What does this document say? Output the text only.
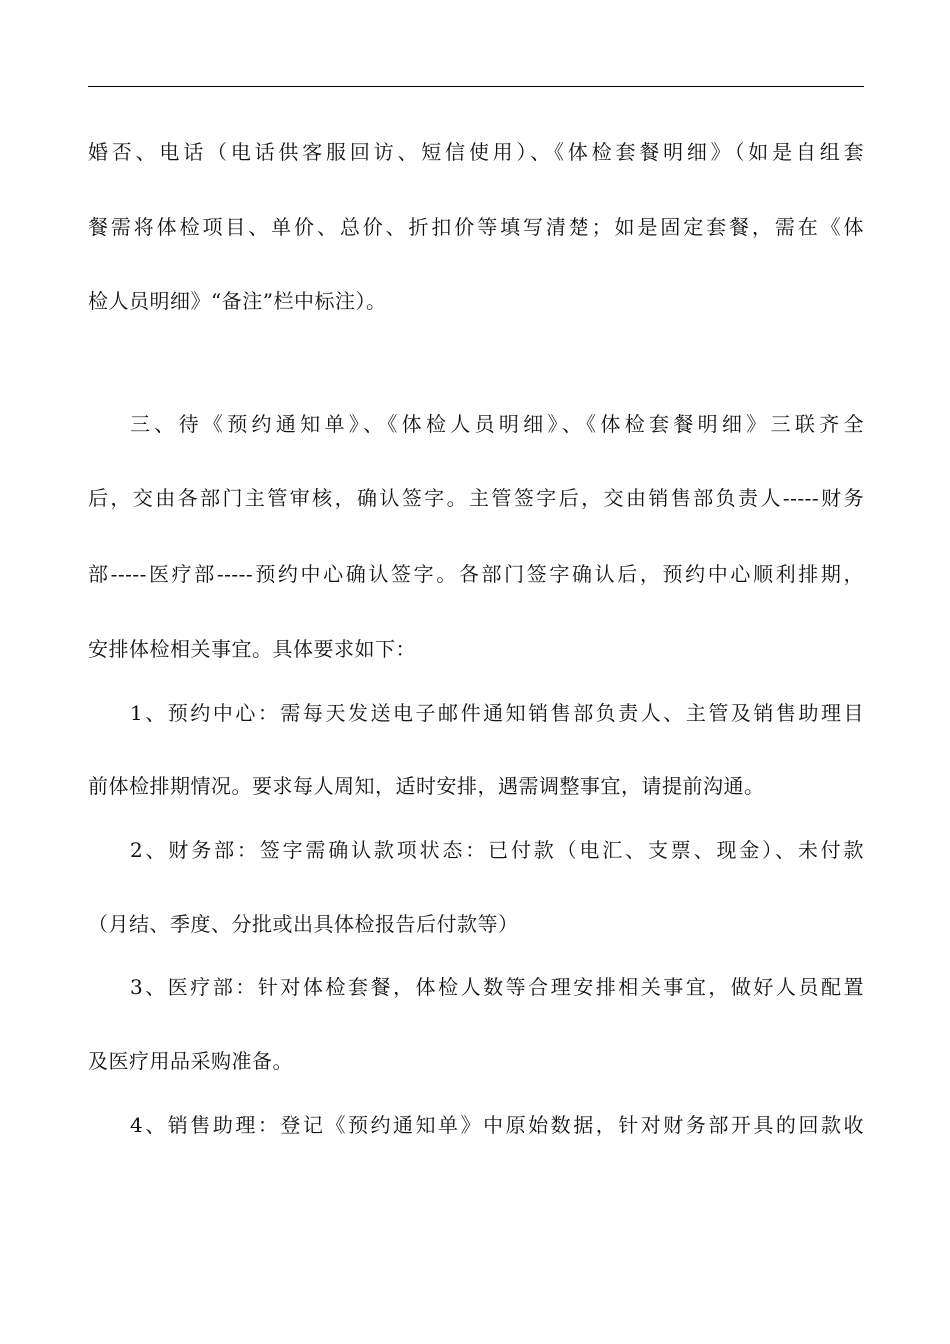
婚否、电话（电话供客服回访、短信使用）、《体检套餐明细》（如是自组套
餐需将体检项目、单价、总价、折扣价等填写清楚；如是固定套餐，需在《体
检人员明细》“备注”栏中标注）。
三、待《预约通知单》、《体检人员明细》、《体检套餐明细》三联齐全
后，交由各部门主管审核，确认签字。主管签字后，交由销售部负责人-----财务
部-----医疗部-----预约中心确认签字。各部门签字确认后，预约中心顺利排期，
安排体检相关事宜。具体要求如下：
1、预约中心：需每天发送电子邮件通知销售部负责人、主管及销售助理目
前体检排期情况。要求每人周知，适时安排，遇需调整事宜，请提前沟通。
2、财务部：签字需确认款项状态：已付款（电汇、支票、现金）、未付款
（月结、季度、分批或出具体检报告后付款等）
3、医疗部：针对体检套餐，体检人数等合理安排相关事宜，做好人员配置
及医疗用品采购准备。
4、销售助理：登记《预约通知单》中原始数据，针对财务部开具的回款收
